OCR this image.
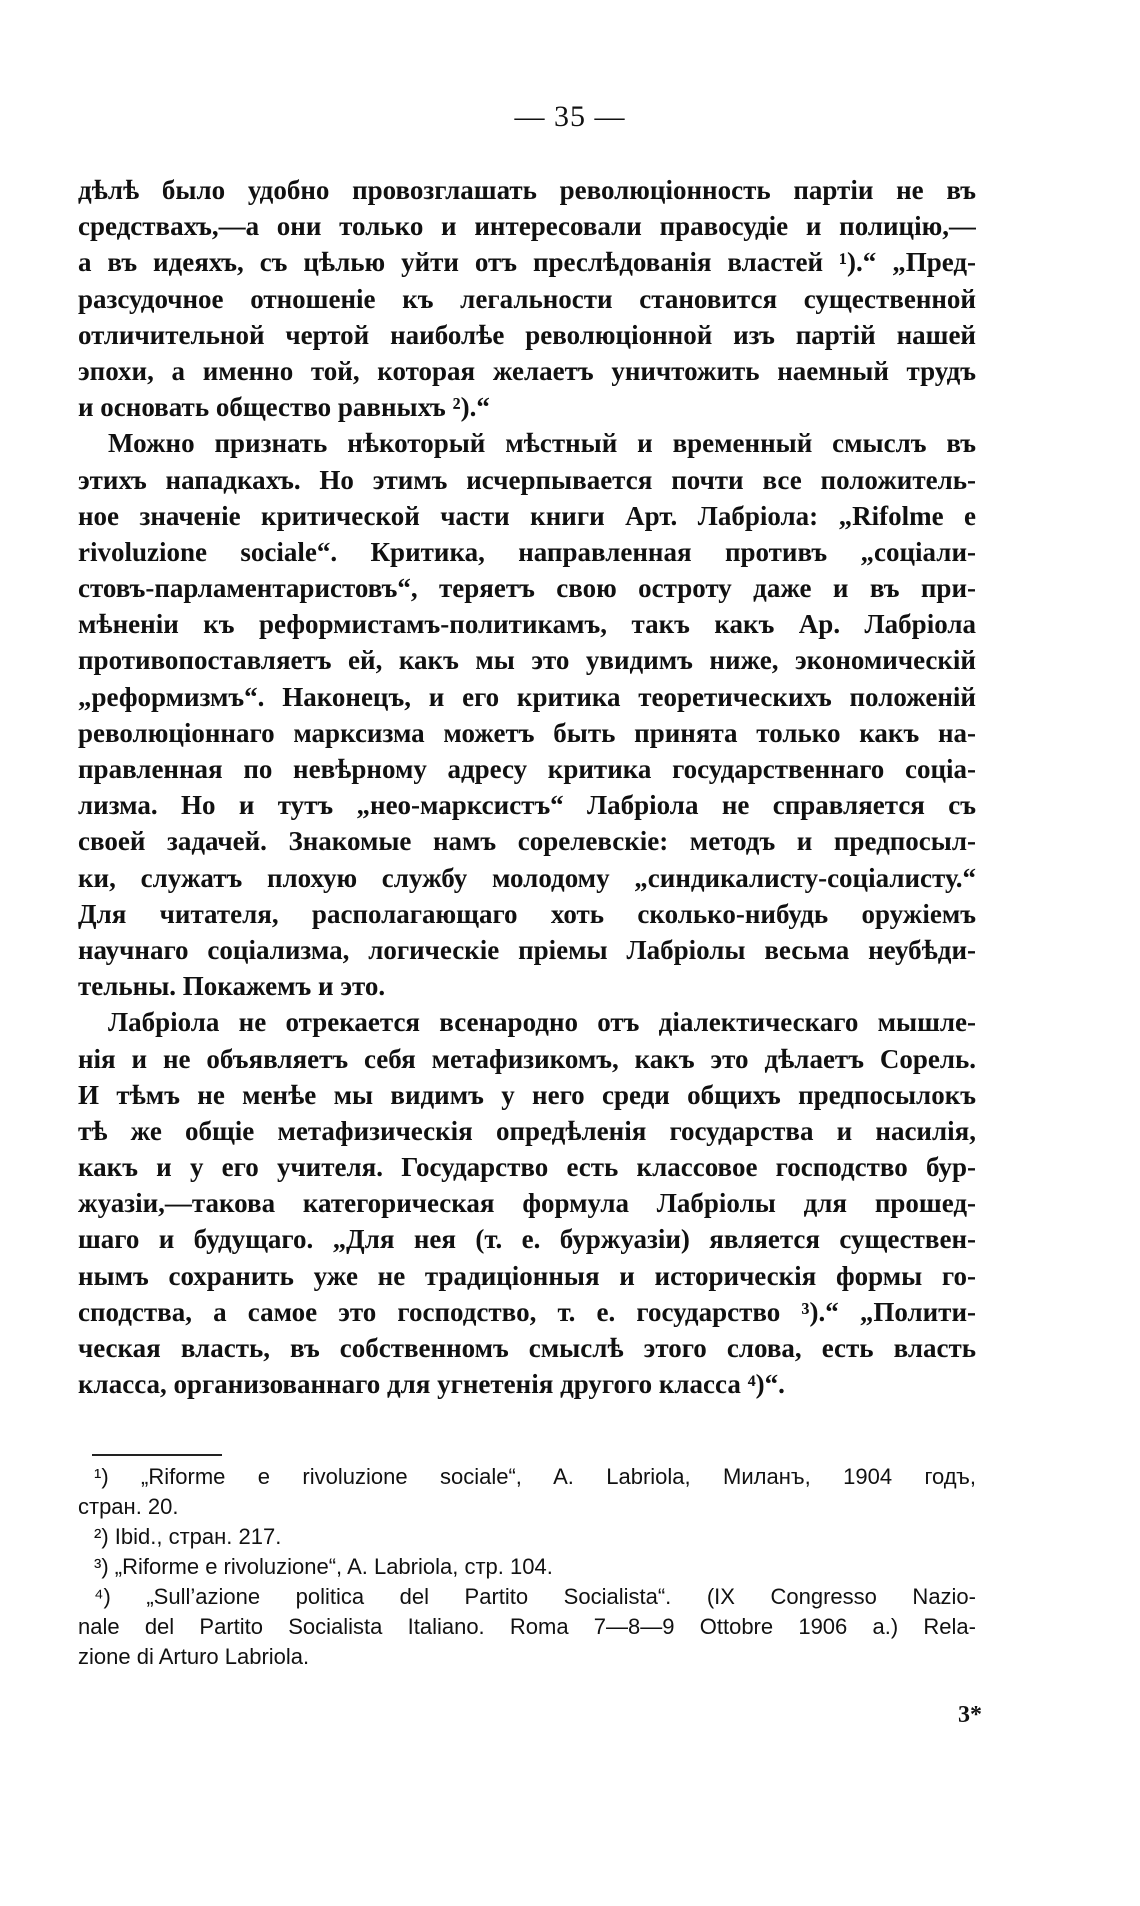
— 35 —
дѣлѣ было удобно провозглашать революціонность партіи не въ
средствахъ,—а они только и интересовали правосудіе и полицію,—
а въ идеяхъ, съ цѣлью уйти отъ преслѣдованія властей ¹).“ „Пред-
разсудочное отношеніе къ легальности становится существенной
отличительной чертой наиболѣе революціонной изъ партій нашей
эпохи, а именно той, которая желаетъ уничтожить наемный трудъ
и основать общество равныхъ ²).“
Можно признать нѣкоторый мѣстный и временный смыслъ въ
этихъ нападкахъ. Но этимъ исчерпывается почти все положитель-
ное значеніе критической части книги Арт. Лабріола: „Rifolme e
rivoluzione sociale“. Критика, направленная противъ „соціали-
стовъ-парламентаристовъ“, теряетъ свою остроту даже и въ при-
мѣненіи къ реформистамъ-политикамъ, такъ какъ Ар. Лабріола
противопоставляетъ ей, какъ мы это увидимъ ниже, экономическій
„реформизмъ“. Наконецъ, и его критика теоретическихъ положеній
революціоннаго марксизма можетъ быть принята только какъ на-
правленная по невѣрному адресу критика государственнаго соціа-
лизма. Но и тутъ „нео-марксистъ“ Лабріола не справляется съ
своей задачей. Знакомые намъ сорелевскіе: методъ и предпосыл-
ки, служатъ плохую службу молодому „синдикалисту-соціалисту.“
Для читателя, располагающаго хоть сколько-нибудь оружіемъ
научнаго соціализма, логическіе пріемы Лабріолы весьма неубѣди-
тельны. Покажемъ и это.
Лабріола не отрекается всенародно отъ діалектическаго мышле-
нія и не объявляетъ себя метафизикомъ, какъ это дѣлаетъ Сорель.
И тѣмъ не менѣе мы видимъ у него среди общихъ предпосылокъ
тѣ же общіе метафизическія опредѣленія государства и насилія,
какъ и у его учителя. Государство есть классовое господство бур-
жуазіи,—такова категорическая формула Лабріолы для прошед-
шаго и будущаго. „Для нея (т. е. буржуазіи) является существен-
нымъ сохранить уже не традиціонныя и историческія формы го-
сподства, а самое это господство, т. е. государство ³).“ „Полити-
ческая власть, въ собственномъ смыслѣ этого слова, есть власть
класса, организованнаго для угнетенія другого класса ⁴)“.
¹) „Riforme e rivoluzione sociale“, A. Labriola, Миланъ, 1904 годъ,
стран. 20.
²) Ibid., стран. 217.
³) „Riforme e rivoluzione“, A. Labriola, стр. 104.
⁴) „Sull’azione politica del Partito Socialista“. (IX Congresso Nazio-
nale del Partito Socialista Italiano. Roma 7—8—9 Ottobre 1906 a.) Rela-
zione di Arturo Labriola.
3*
